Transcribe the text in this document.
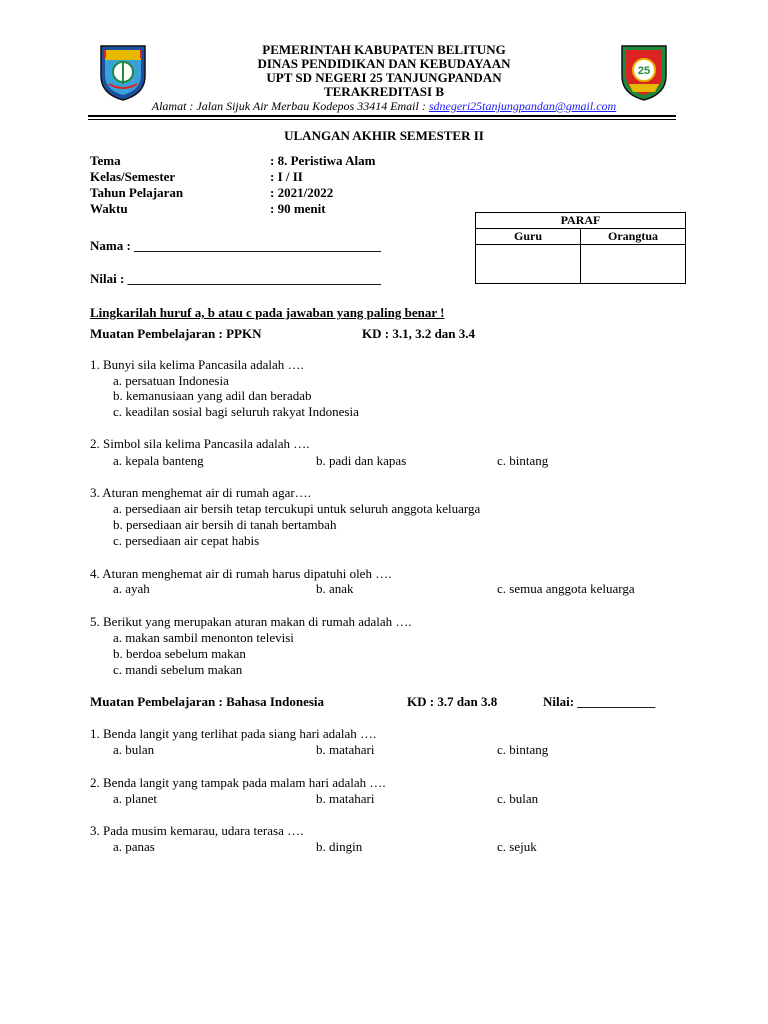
25
PEMERINTAH KABUPATEN BELITUNG
DINAS PENDIDIKAN DAN KEBUDAYAAN
UPT SD NEGERI 25 TANJUNGPANDAN
TERAKREDITASI B
Alamat : Jalan Sijuk Air Merbau Kodepos 33414 Email : sdnegeri25tanjungpandan@gmail.com
ULANGAN AKHIR SEMESTER II
Tema	: 8. Peristiwa Alam
Kelas/Semester	: I / II
Tahun Pelajaran	: 2021/2022
Waktu	: 90 menit
Nama : ______________________________________
Nilai : _______________________________________
PARAF	
Guru	Orangtua

Lingkarilah huruf a, b atau c pada jawaban yang paling benar !
Muatan Pembelajaran : PPKN	KD : 3.1, 3.2 dan 3.4
1. Bunyi sila kelima Pancasila adalah ….
a. persatuan Indonesia
b. kemanusiaan yang adil dan beradab
c. keadilan sosial bagi seluruh rakyat Indonesia
2. Simbol sila kelima Pancasila adalah ….
a. kepala banteng	b. padi dan kapas	c. bintang
3. Aturan menghemat air di rumah agar….
a. persediaan air bersih tetap tercukupi untuk seluruh anggota keluarga
b. persediaan air bersih di tanah bertambah
c. persediaan air cepat habis
4. Aturan menghemat air di rumah harus dipatuhi oleh ….
a. ayah	b. anak	c. semua anggota keluarga
5. Berikut yang merupakan aturan makan di rumah adalah ….
a. makan sambil menonton televisi
b. berdoa sebelum makan
c. mandi sebelum makan
Muatan Pembelajaran : Bahasa Indonesia	KD : 3.7 dan 3.8	Nilai: ____________
1. Benda langit yang terlihat pada siang hari adalah ….
a. bulan	b. matahari	c. bintang
2. Benda langit yang tampak pada malam hari adalah ….
a. planet	b. matahari	c. bulan
3. Pada musim kemarau, udara terasa ….
a. panas	b. dingin	c. sejuk
